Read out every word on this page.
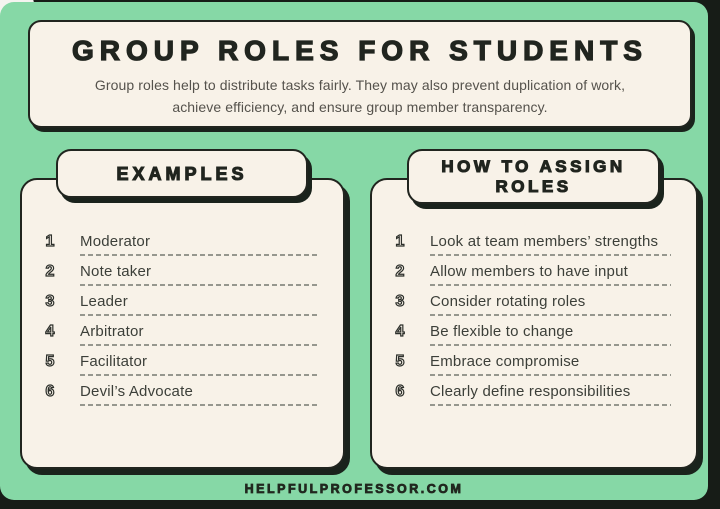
GROUP ROLES FOR STUDENTS
Group roles help to distribute tasks fairly. They may also prevent duplication of work,
achieve efficiency, and ensure group member transparency.
EXAMPLES
1	Moderator
2	Note taker
3	Leader
4	Arbitrator
5	Facilitator
6	Devil’s Advocate
HOW TO ASSIGN
ROLES
1	Look at team members’ strengths
2	Allow members to have input
3	Consider rotating roles
4	Be flexible to change
5	Embrace compromise
6	Clearly define responsibilities
HELPFULPROFESSOR.COM
